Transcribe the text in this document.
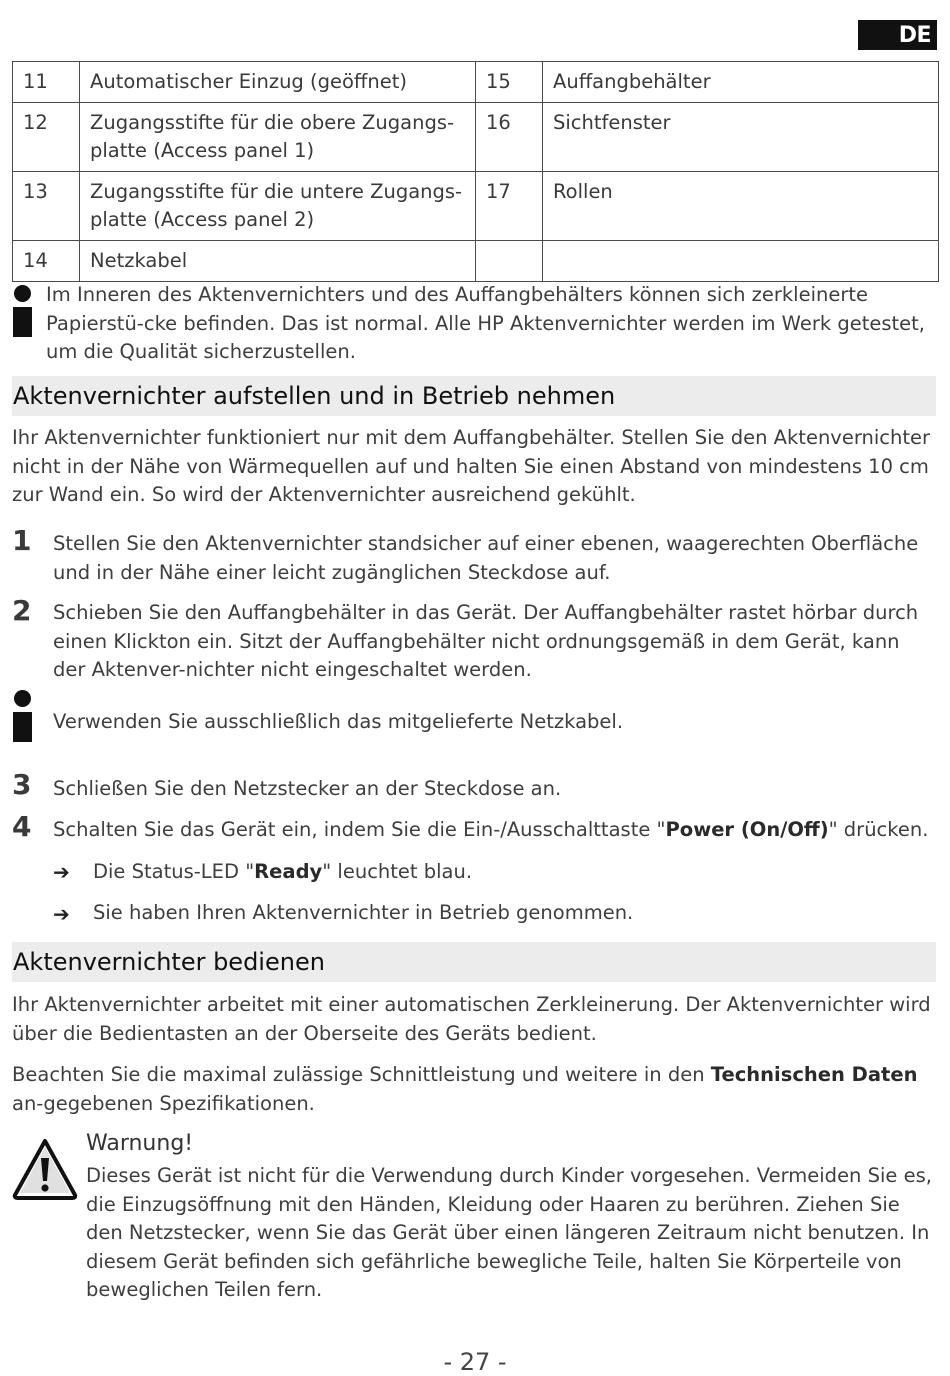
DE
11	Automatischer Einzug (geöffnet)	15	Auffangbehälter
12	Zugangsstifte für die obere Zugangs-platte (Access panel 1)	16	Sichtfenster
13	Zugangsstifte für die untere Zugangs-platte (Access panel 2)	17	Rollen
14	Netzkabel		
Im Inneren des Aktenvernichters und des Auffangbehälters können sich zerkleinerte Papierstü-cke befinden. Das ist normal. Alle HP Aktenvernichter werden im Werk getestet, um die Qualität sicherzustellen.
Aktenvernichter aufstellen und in Betrieb nehmen
Ihr Aktenvernichter funktioniert nur mit dem Auffangbehälter. Stellen Sie den Aktenvernichter nicht in der Nähe von Wärmequellen auf und halten Sie einen Abstand von mindestens 10 cm zur Wand ein. So wird der Aktenvernichter ausreichend gekühlt.
1 Stellen Sie den Aktenvernichter standsicher auf einer ebenen, waagerechten Oberfläche und in der Nähe einer leicht zugänglichen Steckdose auf.
2 Schieben Sie den Auffangbehälter in das Gerät. Der Auffangbehälter rastet hörbar durch einen Klickton ein. Sitzt der Auffangbehälter nicht ordnungsgemäß in dem Gerät, kann der Aktenver-nichter nicht eingeschaltet werden.
Verwenden Sie ausschließlich das mitgelieferte Netzkabel.
3 Schließen Sie den Netzstecker an der Steckdose an.
4 Schalten Sie das Gerät ein, indem Sie die Ein-/Ausschalttaste "Power (On/Off)" drücken.
➔ Die Status-LED "Ready" leuchtet blau.
➔ Sie haben Ihren Aktenvernichter in Betrieb genommen.
Aktenvernichter bedienen
Ihr Aktenvernichter arbeitet mit einer automatischen Zerkleinerung. Der Aktenvernichter wird über die Bedientasten an der Oberseite des Geräts bedient.
Beachten Sie die maximal zulässige Schnittleistung und weitere in den Technischen Daten an-gegebenen Spezifikationen.
Warnung!
Dieses Gerät ist nicht für die Verwendung durch Kinder vorgesehen. Vermeiden Sie es, die Einzugsöffnung mit den Händen, Kleidung oder Haaren zu berühren. Ziehen Sie den Netzstecker, wenn Sie das Gerät über einen längeren Zeitraum nicht benutzen. In diesem Gerät befinden sich gefährliche bewegliche Teile, halten Sie Körperteile von beweglichen Teilen fern.
- 27 -
